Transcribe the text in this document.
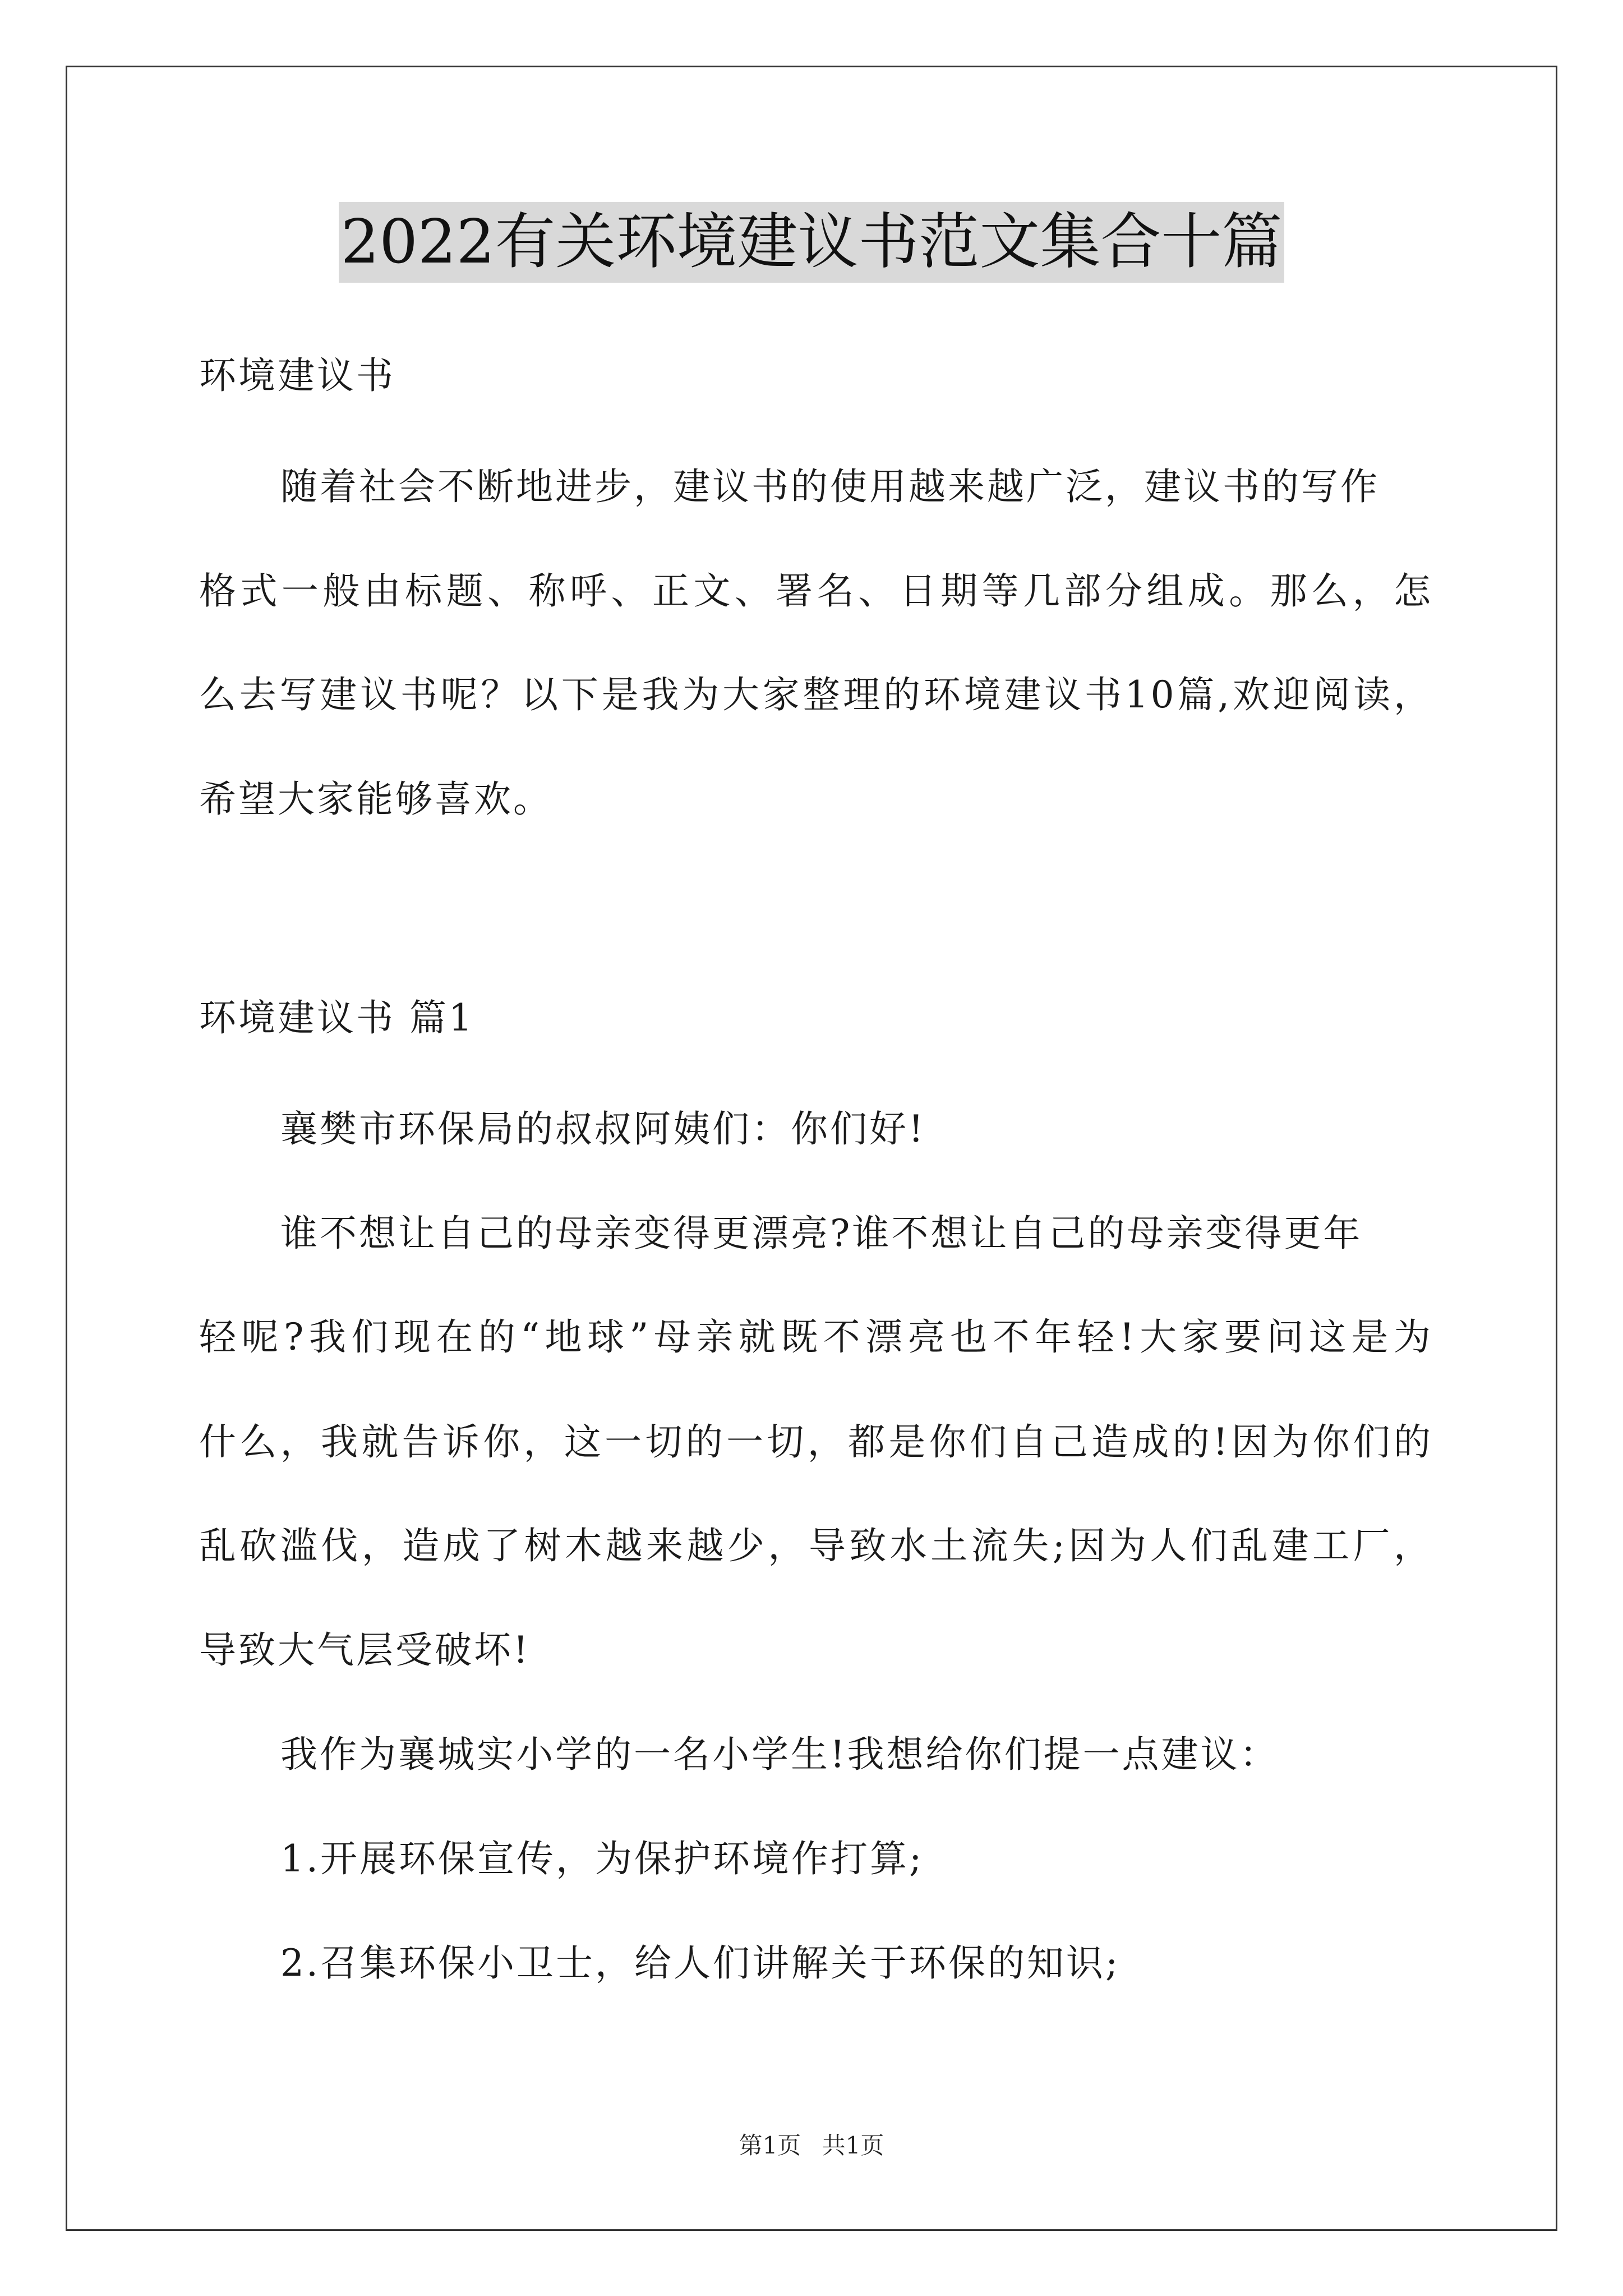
2022有关环境建议书范文集合十篇
环境建议书
随着社会不断地进步，建议书的使用越来越广泛，建议书的写作
格式一般由标题、称呼、正文、署名、日期等几部分组成。那么，怎
么去写建议书呢？以下是我为大家整理的环境建议书10篇,欢迎阅读，
希望大家能够喜欢。
环境建议书 篇1
襄樊市环保局的叔叔阿姨们：你们好!
谁不想让自己的母亲变得更漂亮?谁不想让自己的母亲变得更年
轻呢?我们现在的“地球”母亲就既不漂亮也不年轻!大家要问这是为
什么，我就告诉你，这一切的一切，都是你们自己造成的!因为你们的
乱砍滥伐，造成了树木越来越少，导致水土流失;因为人们乱建工厂，
导致大气层受破坏!
我作为襄城实小学的一名小学生!我想给你们提一点建议：
1.开展环保宣传，为保护环境作打算;
2.召集环保小卫士，给人们讲解关于环保的知识;
第1页 共1页
